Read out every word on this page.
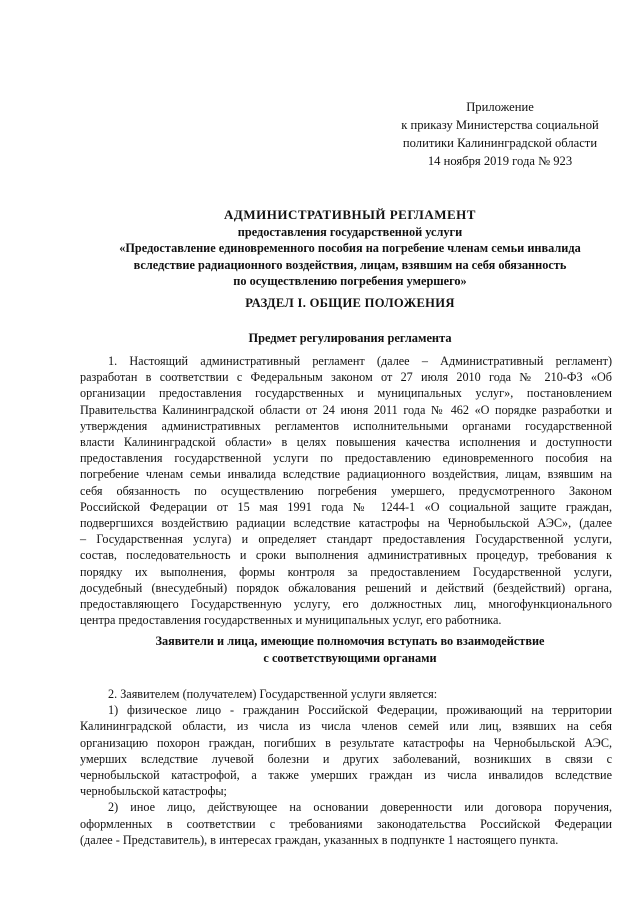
Приложение
к приказу Министерства социальной
политики Калининградской области
14 ноября 2019 года № 923
АДМИНИСТРАТИВНЫЙ РЕГЛАМЕНТ
предоставления государственной услуги
«Предоставление единовременного пособия на погребение членам семьи инвалида
вследствие радиационного воздействия, лицам, взявшим на себя обязанность
по осуществлению погребения умершего»
РАЗДЕЛ I. ОБЩИЕ ПОЛОЖЕНИЯ
Предмет регулирования регламента
1. Настоящий административный регламент (далее – Административный регламент)
разработан в соответствии с Федеральным законом от 27 июля 2010 года № 210-ФЗ «Об
организации предоставления государственных и муниципальных услуг», постановлением
Правительства Калининградской области от 24 июня 2011 года № 462 «О порядке разработки и
утверждения административных регламентов исполнительными органами государственной
власти Калининградской области» в целях повышения качества исполнения и доступности
предоставления государственной услуги по предоставлению единовременного пособия на
погребение членам семьи инвалида вследствие радиационного воздействия, лицам, взявшим на
себя обязанность по осуществлению погребения умершего, предусмотренного Законом
Российской Федерации от 15 мая 1991 года № 1244-1 «О социальной защите граждан,
подвергшихся воздействию радиации вследствие катастрофы на Чернобыльской АЭС», (далее
– Государственная услуга) и определяет стандарт предоставления Государственной услуги,
состав, последовательность и сроки выполнения административных процедур, требования к
порядку их выполнения, формы контроля за предоставлением Государственной услуги,
досудебный (внесудебный) порядок обжалования решений и действий (бездействий) органа,
предоставляющего Государственную услугу, его должностных лиц, многофункционального
центра предоставления государственных и муниципальных услуг, его работника.
Заявители и лица, имеющие полномочия вступать во взаимодействие
с соответствующими органами
2. Заявителем (получателем) Государственной услуги является:
1) физическое лицо - гражданин Российской Федерации, проживающий на территории
Калининградской области, из числа из числа членов семей или лиц, взявших на себя
организацию похорон граждан, погибших в результате катастрофы на Чернобыльской АЭС,
умерших вследствие лучевой болезни и других заболеваний, возникших в связи с
чернобыльской катастрофой, а также умерших граждан из числа инвалидов вследствие
чернобыльской катастрофы;
2) иное лицо, действующее на основании доверенности или договора поручения,
оформленных в соответствии с требованиями законодательства Российской Федерации
(далее - Представитель), в интересах граждан, указанных в подпункте 1 настоящего пункта.
